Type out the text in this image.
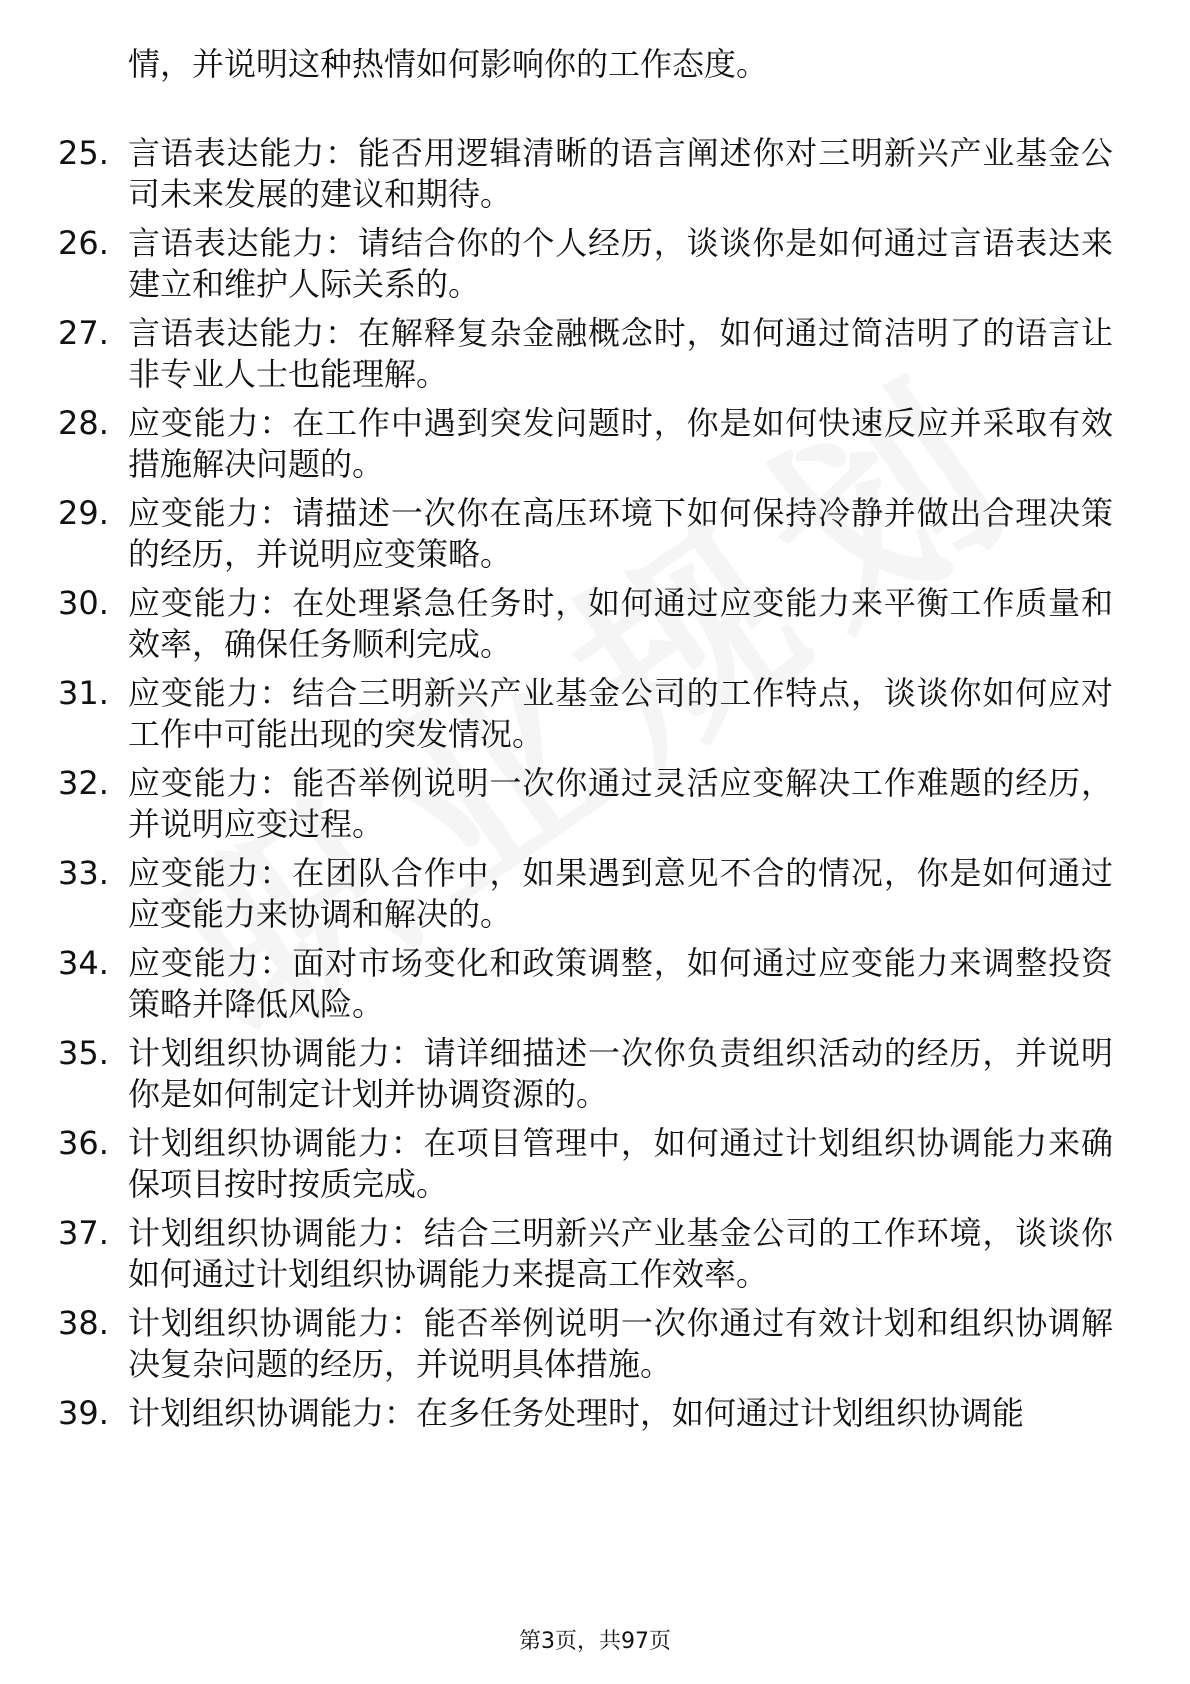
情，并说明这种热情如何影响你的工作态度。
25. 言语表达能力：能否用逻辑清晰的语言阐述你对三明新兴产业基金公司未来发展的建议和期待。
26. 言语表达能力：请结合你的个人经历，谈谈你是如何通过言语表达来建立和维护人际关系的。
27. 言语表达能力：在解释复杂金融概念时，如何通过简洁明了的语言让非专业人士也能理解。
28. 应变能力：在工作中遇到突发问题时，你是如何快速反应并采取有效措施解决问题的。
29. 应变能力：请描述一次你在高压环境下如何保持冷静并做出合理决策的经历，并说明应变策略。
30. 应变能力：在处理紧急任务时，如何通过应变能力来平衡工作质量和效率，确保任务顺利完成。
31. 应变能力：结合三明新兴产业基金公司的工作特点，谈谈你如何应对工作中可能出现的突发情况。
32. 应变能力：能否举例说明一次你通过灵活应变解决工作难题的经历，并说明应变过程。
33. 应变能力：在团队合作中，如果遇到意见不合的情况，你是如何通过应变能力来协调和解决的。
34. 应变能力：面对市场变化和政策调整，如何通过应变能力来调整投资策略并降低风险。
35. 计划组织协调能力：请详细描述一次你负责组织活动的经历，并说明你是如何制定计划并协调资源的。
36. 计划组织协调能力：在项目管理中，如何通过计划组织协调能力来确保项目按时按质完成。
37. 计划组织协调能力：结合三明新兴产业基金公司的工作环境，谈谈你如何通过计划组织协调能力来提高工作效率。
38. 计划组织协调能力：能否举例说明一次你通过有效计划和组织协调解决复杂问题的经历，并说明具体措施。
39. 计划组织协调能力：在多任务处理时，如何通过计划组织协调能
第3页，共97页
